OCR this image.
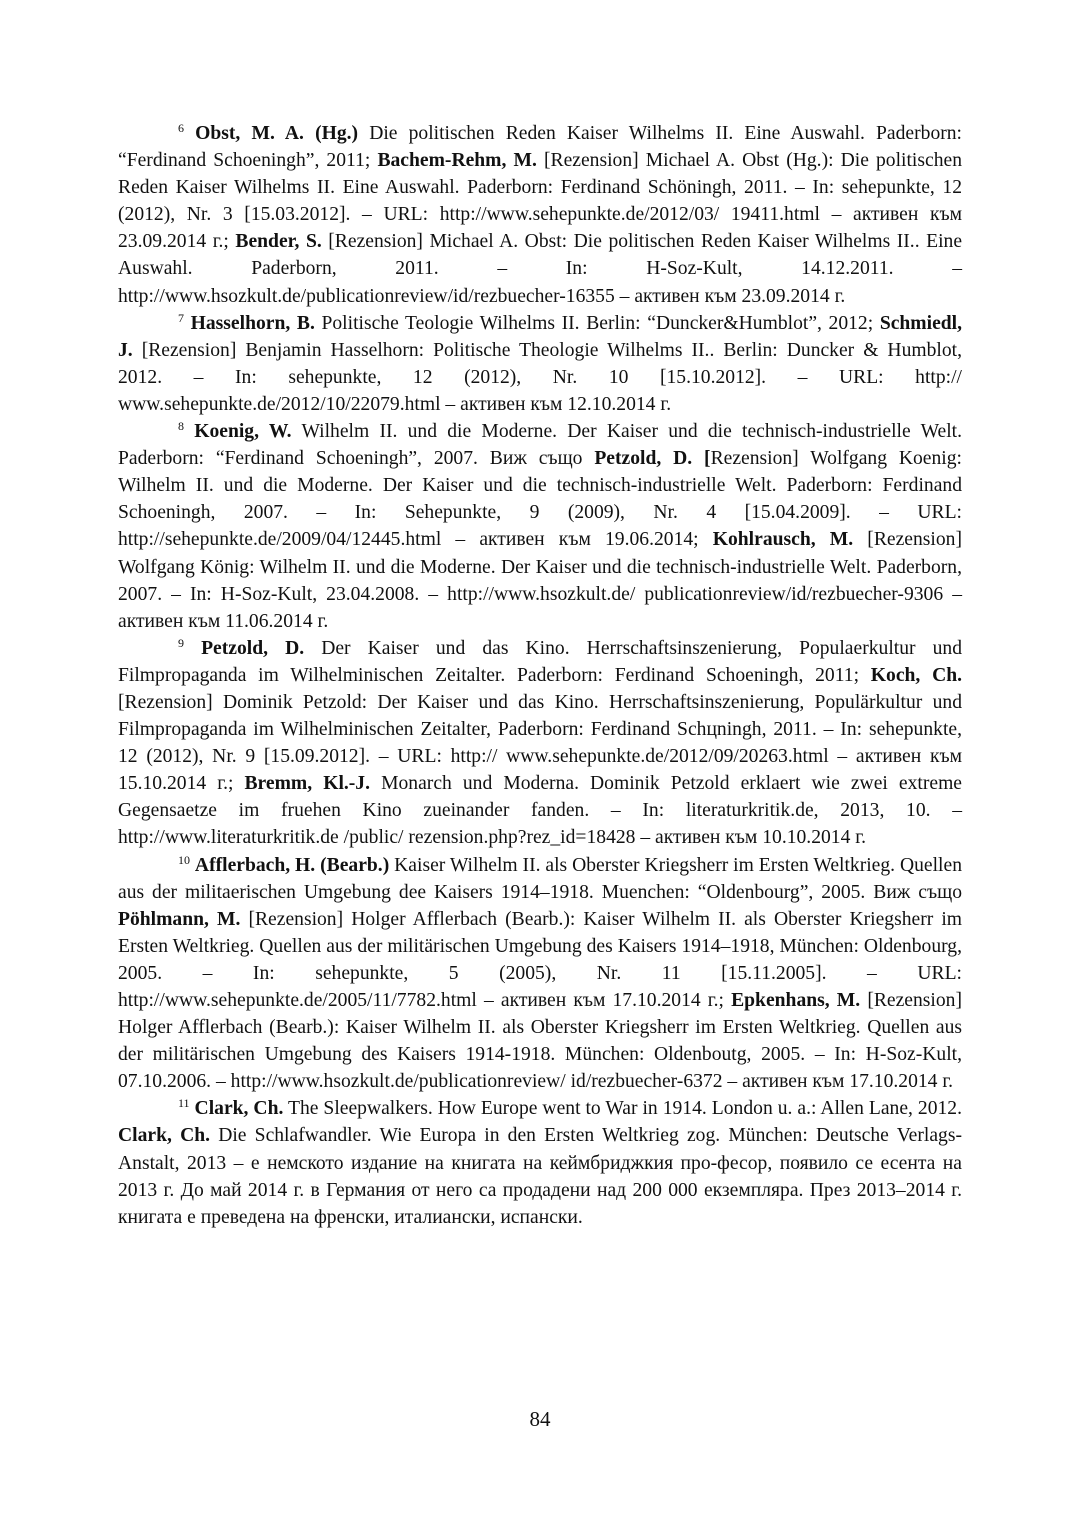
$^6$ Obst, M. A. (Hg.) Die politischen Reden Kaiser Wilhelms II. Eine Auswahl. Paderborn: “Ferdinand Schoeningh”, 2011; Bachem-Rehm, M. [Rezension] Michael A. Obst (Hg.): Die politischen Reden Kaiser Wilhelms II. Eine Auswahl. Paderborn: Ferdinand Schöningh, 2011. – In: sehepunkte, 12 (2012), Nr. 3 [15.03.2012]. – URL: http://www.sehepunkte.de/2012/03/ 19411.html – активен към 23.09.2014 г.; Bender, S. [Rezension] Michael A. Obst: Die politischen Reden Kaiser Wilhelms II.. Eine Auswahl. Paderborn, 2011. – In: H-Soz-Kult, 14.12.2011. – http://www.hsozkult.de/publicationreview/id/rezbuecher-16355 – активен към 23.09.2014 г.

$^7$ Hasselhorn, B. Politische Teologie Wilhelms II. Berlin: “Duncker&Humblot”, 2012; Schmiedl, J. [Rezension] Benjamin Hasselhorn: Politische Theologie Wilhelms II.. Berlin: Duncker & Humblot, 2012. – In: sehepunkte, 12 (2012), Nr. 10 [15.10.2012]. – URL: http:// www.sehepunkte.de/2012/10/22079.html – активен към 12.10.2014 г.

$^8$ Koenig, W. Wilhelm II. und die Moderne. Der Kaiser und die technisch-industrielle Welt. Paderborn: “Ferdinand Schoeningh”, 2007. Виж също Petzold, D. [Rezension] Wolfgang Koenig: Wilhelm II. und die Moderne. Der Kaiser und die technisch-industrielle Welt. Paderborn: Ferdinand Schoeningh, 2007. – In: Sehepunkte, 9 (2009), Nr. 4 [15.04.2009]. – URL: http://sehepunkte.de/2009/04/12445.html – активен към 19.06.2014; Kohlrausch, M. [Rezension] Wolfgang König: Wilhelm II. und die Moderne. Der Kaiser und die technisch-industrielle Welt. Paderborn, 2007. – In: H-Soz-Kult, 23.04.2008. – http://www.hsozkult.de/ publicationreview/id/rezbuecher-9306 – активен към 11.06.2014 г.

$^9$ Petzold, D. Der Kaiser und das Kino. Herrschaftsinszenierung, Populaerkultur und Filmpropaganda im Wilhelminischen Zeitalter. Paderborn: Ferdinand Schoeningh, 2011; Koch, Ch. [Rezension] Dominik Petzold: Der Kaiser und das Kino. Herrschaftsinszenierung, Populärkultur und Filmpropaganda im Wilhelminischen Zeitalter, Paderborn: Ferdinand Schцningh, 2011. – In: sehepunkte, 12 (2012), Nr. 9 [15.09.2012]. – URL: http:// www.sehepunkte.de/2012/09/20263.html – активен към 15.10.2014 г.; Bremm, Kl.-J. Monarch und Moderna. Dominik Petzold erklaert wie zwei extreme Gegensaetze im fruehen Kino zueinander fanden. – In: literaturkritik.de, 2013, 10. – http://www.literaturkritik.de /public/ rezension.php?rez_id=18428 – активен към 10.10.2014 г.

$^{10}$ Afflerbach, H. (Bearb.) Kaiser Wilhelm II. als Oberster Kriegsherr im Ersten Weltkrieg. Quellen aus der militaerischen Umgebung dee Kaisers 1914–1918. Muenchen: “Oldenbourg”, 2005. Виж също Pöhlmann, M. [Rezension] Holger Afflerbach (Bearb.): Kaiser Wilhelm II. als Oberster Kriegsherr im Ersten Weltkrieg. Quellen aus der militärischen Umgebung des Kaisers 1914–1918, München: Oldenbourg, 2005. – In: sehepunkte, 5 (2005), Nr. 11 [15.11.2005]. – URL: http://www.sehepunkte.de/2005/11/7782.html – активен към 17.10.2014 г.; Epkenhans, M. [Rezension] Holger Afflerbach (Bearb.): Kaiser Wilhelm II. als Oberster Kriegsherr im Ersten Weltkrieg. Quellen aus der militärischen Umgebung des Kaisers 1914-1918. München: Oldenboutg, 2005. – In: H-Soz-Kult, 07.10.2006. – http://www.hsozkult.de/publicationreview/ id/rezbuecher-6372 – активен към 17.10.2014 г.

$^{11}$ Clark, Ch. The Sleepwalkers. How Europe went to War in 1914. London u. a.: Allen Lane, 2012. Clark, Ch. Die Schlafwandler. Wie Europa in den Ersten Weltkrieg zog. München: Deutsche Verlags-Anstalt, 2013 – е немското издание на книгата на кеймбриджкия про-фесор, появило се есента на 2013 г. До май 2014 г. в Германия от него са продадени над 200 000 екземпляра. През 2013–2014 г. книгата е преведена на френски, италиански, испански.

84
